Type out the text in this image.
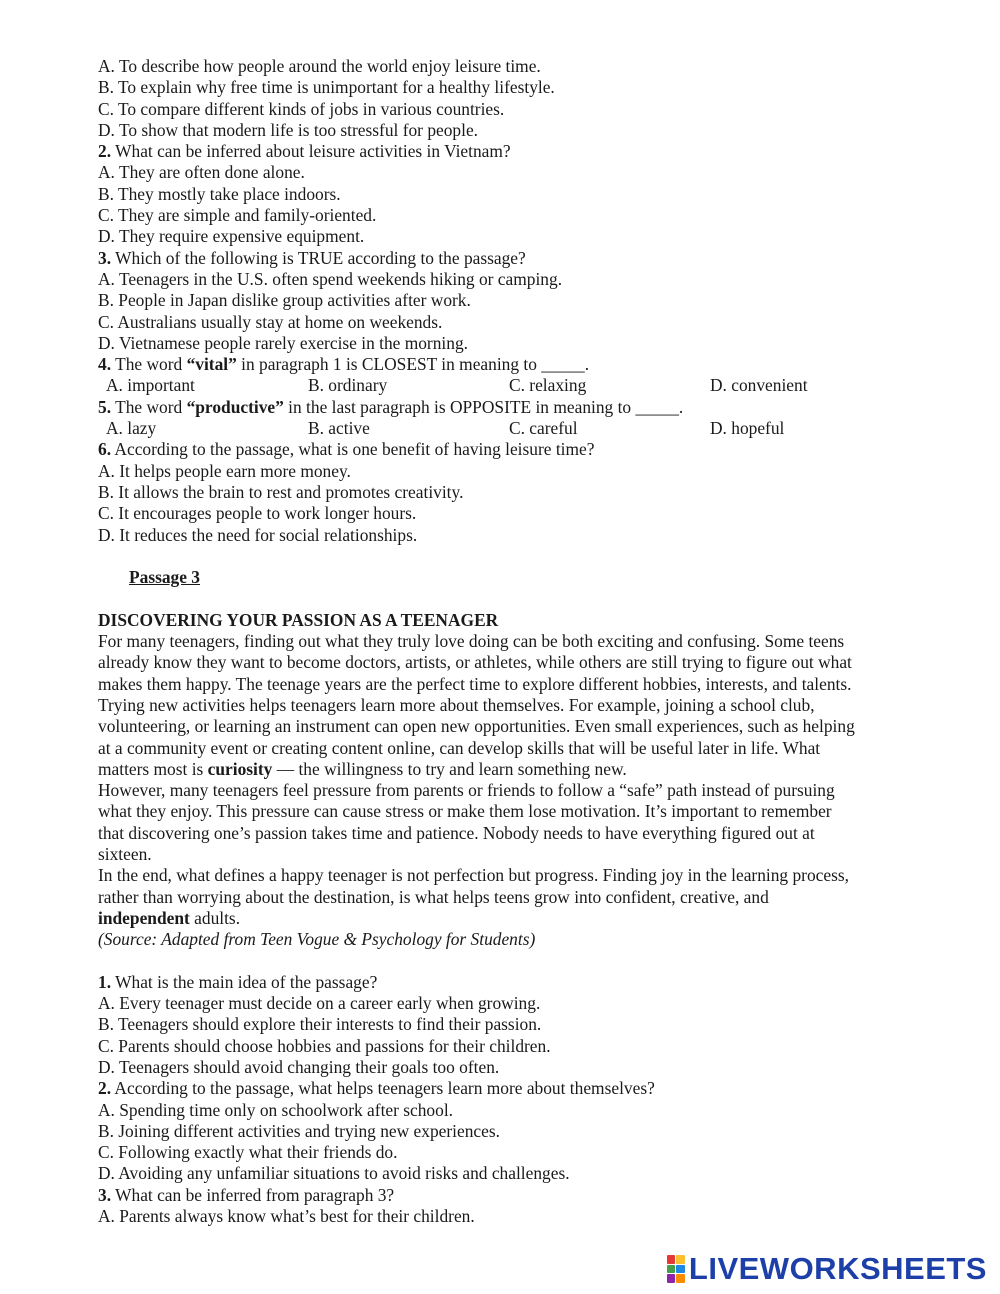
A. To describe how people around the world enjoy leisure time.
B. To explain why free time is unimportant for a healthy lifestyle.
C. To compare different kinds of jobs in various countries.
D. To show that modern life is too stressful for people.
2. What can be inferred about leisure activities in Vietnam?
A. They are often done alone.
B. They mostly take place indoors.
C. They are simple and family-oriented.
D. They require expensive equipment.
3. Which of the following is TRUE according to the passage?
A. Teenagers in the U.S. often spend weekends hiking or camping.
B. People in Japan dislike group activities after work.
C. Australians usually stay at home on weekends.
D. Vietnamese people rarely exercise in the morning.
4. The word “vital” in paragraph 1 is CLOSEST in meaning to _____.
A. important	B. ordinary	C. relaxing	D. convenient
5. The word “productive” in the last paragraph is OPPOSITE in meaning to _____.
A. lazy	B. active	C. careful	D. hopeful
6. According to the passage, what is one benefit of having leisure time?
A. It helps people earn more money.
B. It allows the brain to rest and promotes creativity.
C. It encourages people to work longer hours.
D. It reduces the need for social relationships.
Passage 3
DISCOVERING YOUR PASSION AS A TEENAGER
For many teenagers, finding out what they truly love doing can be both exciting and confusing. Some teens
already know they want to become doctors, artists, or athletes, while others are still trying to figure out what
makes them happy. The teenage years are the perfect time to explore different hobbies, interests, and talents.
Trying new activities helps teenagers learn more about themselves. For example, joining a school club,
volunteering, or learning an instrument can open new opportunities. Even small experiences, such as helping
at a community event or creating content online, can develop skills that will be useful later in life. What
matters most is curiosity — the willingness to try and learn something new.
However, many teenagers feel pressure from parents or friends to follow a “safe” path instead of pursuing
what they enjoy. This pressure can cause stress or make them lose motivation. It’s important to remember
that discovering one’s passion takes time and patience. Nobody needs to have everything figured out at
sixteen.
In the end, what defines a happy teenager is not perfection but progress. Finding joy in the learning process,
rather than worrying about the destination, is what helps teens grow into confident, creative, and
independent adults.
(Source: Adapted from Teen Vogue & Psychology for Students)
1. What is the main idea of the passage?
A. Every teenager must decide on a career early when growing.
B. Teenagers should explore their interests to find their passion.
C. Parents should choose hobbies and passions for their children.
D. Teenagers should avoid changing their goals too often.
2. According to the passage, what helps teenagers learn more about themselves?
A. Spending time only on schoolwork after school.
B. Joining different activities and trying new experiences.
C. Following exactly what their friends do.
D. Avoiding any unfamiliar situations to avoid risks and challenges.
3. What can be inferred from paragraph 3?
A. Parents always know what’s best for their children.
LIVEWORKSHEETS
